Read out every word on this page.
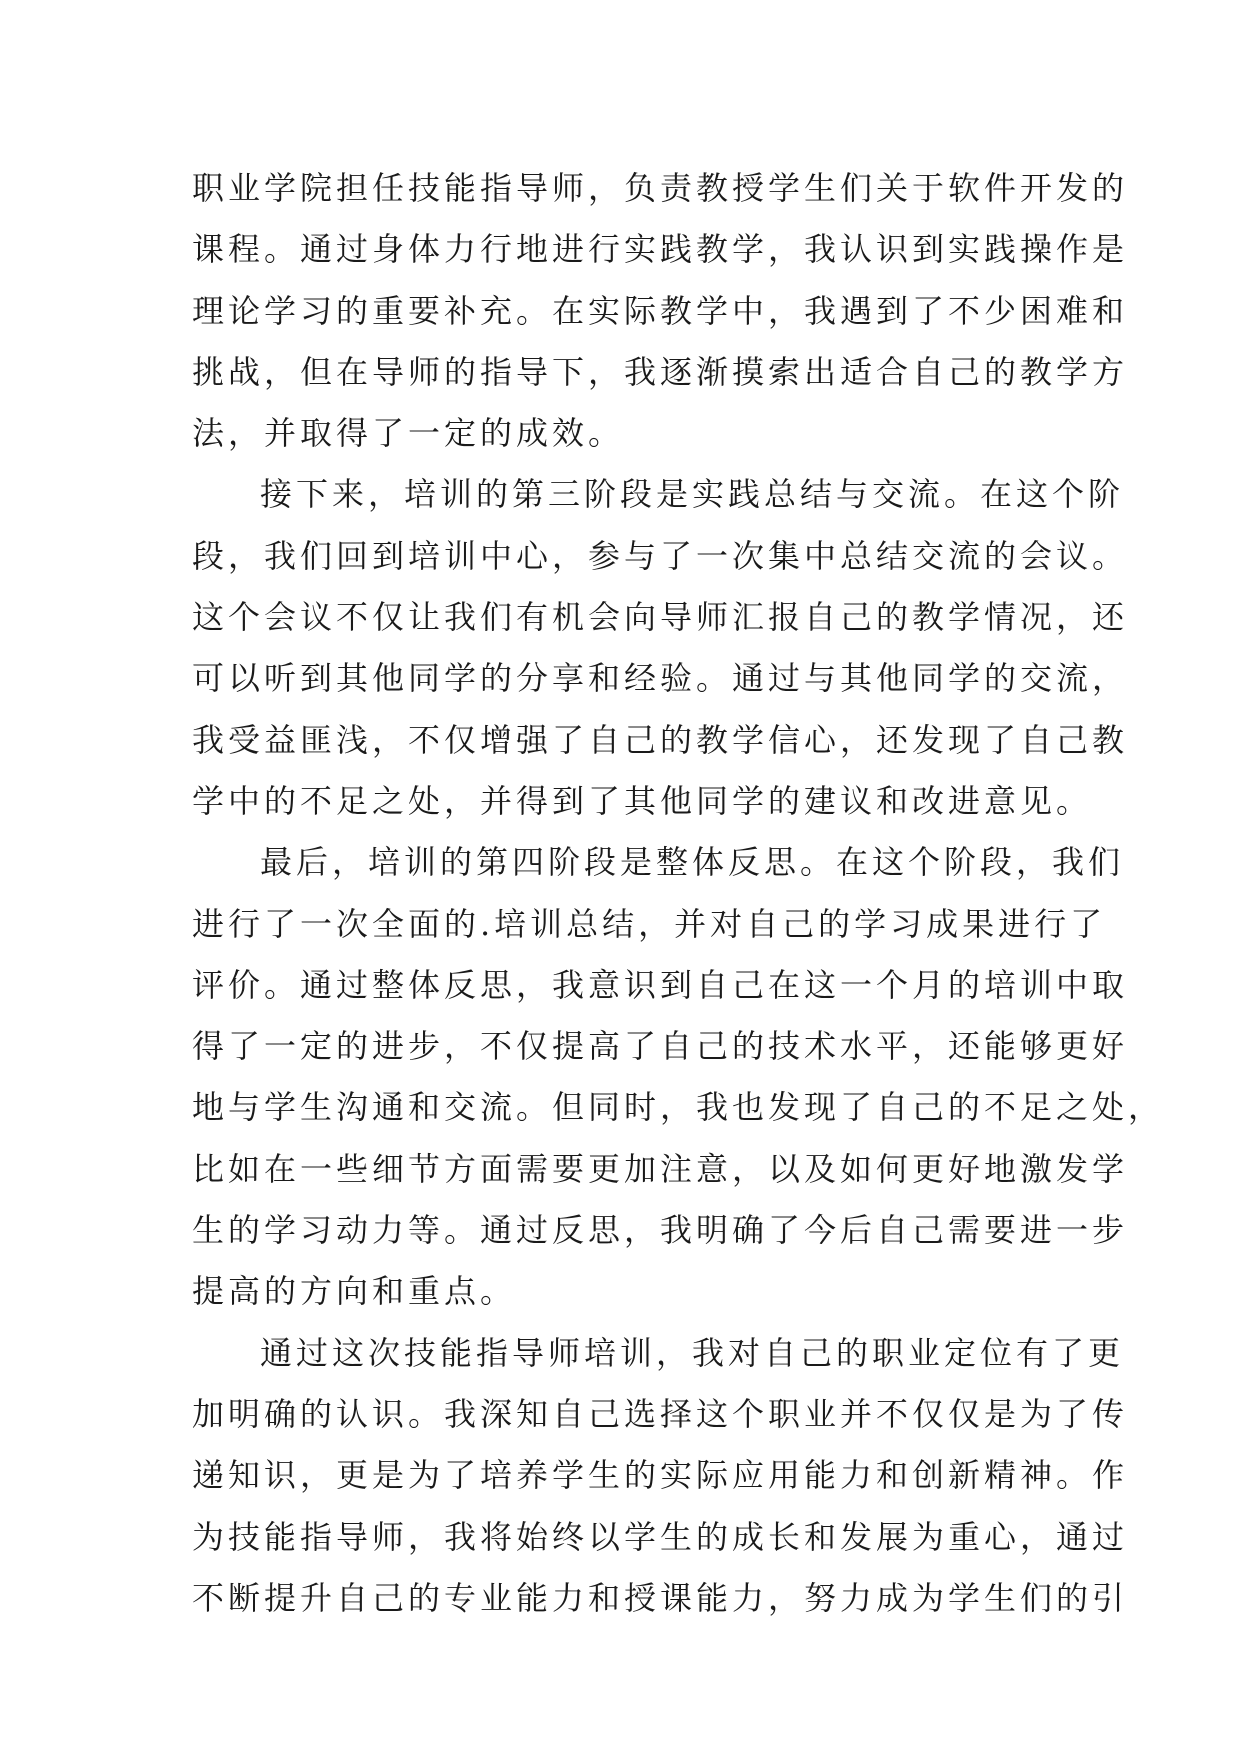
职业学院担任技能指导师，负责教授学生们关于软件开发的
课程。通过身体力行地进行实践教学，我认识到实践操作是
理论学习的重要补充。在实际教学中，我遇到了不少困难和
挑战，但在导师的指导下，我逐渐摸索出适合自己的教学方
法，并取得了一定的成效。
接下来，培训的第三阶段是实践总结与交流。在这个阶
段，我们回到培训中心，参与了一次集中总结交流的会议。
这个会议不仅让我们有机会向导师汇报自己的教学情况，还
可以听到其他同学的分享和经验。通过与其他同学的交流，
我受益匪浅，不仅增强了自己的教学信心，还发现了自己教
学中的不足之处，并得到了其他同学的建议和改进意见。
最后，培训的第四阶段是整体反思。在这个阶段，我们
进行了一次全面的.培训总结，并对自己的学习成果进行了
评价。通过整体反思，我意识到自己在这一个月的培训中取
得了一定的进步，不仅提高了自己的技术水平，还能够更好
地与学生沟通和交流。但同时，我也发现了自己的不足之处，
比如在一些细节方面需要更加注意，以及如何更好地激发学
生的学习动力等。通过反思，我明确了今后自己需要进一步
提高的方向和重点。
通过这次技能指导师培训，我对自己的职业定位有了更
加明确的认识。我深知自己选择这个职业并不仅仅是为了传
递知识，更是为了培养学生的实际应用能力和创新精神。作
为技能指导师，我将始终以学生的成长和发展为重心，通过
不断提升自己的专业能力和授课能力，努力成为学生们的引
